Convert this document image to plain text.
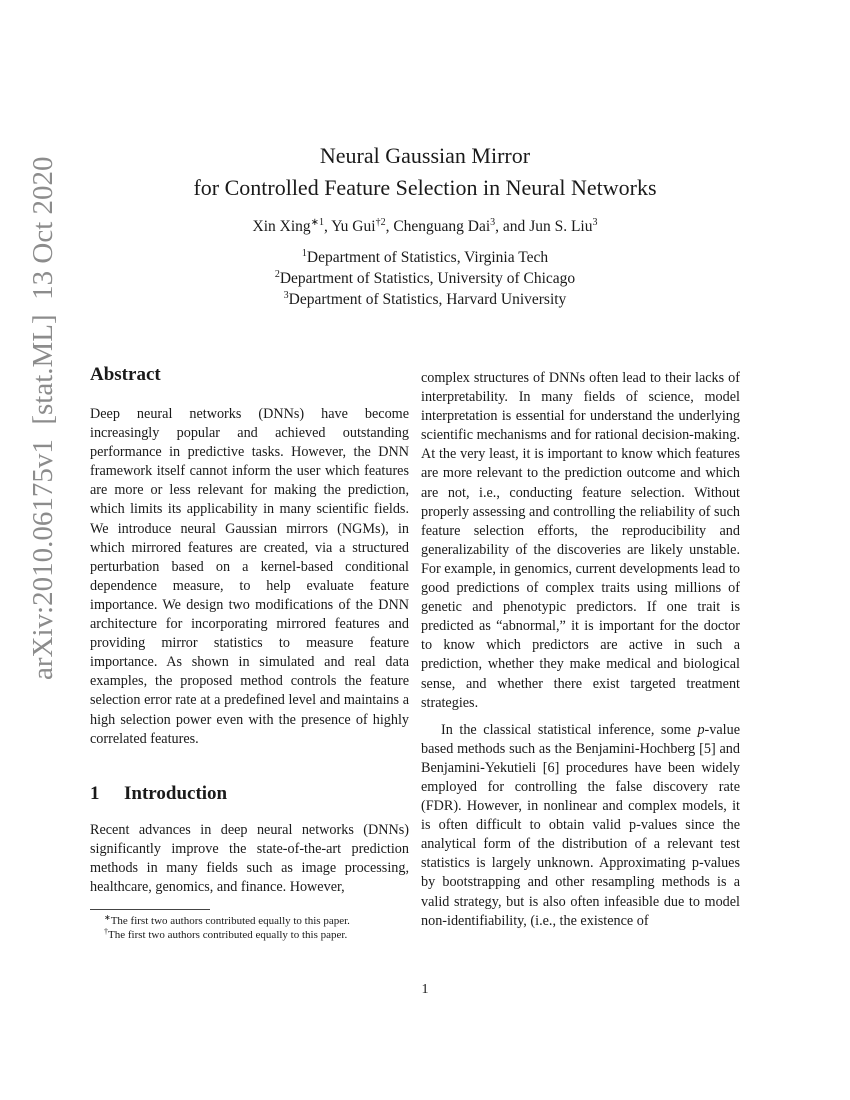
arXiv:2010.06175v1  [stat.ML]  13 Oct 2020
Neural Gaussian Mirror
for Controlled Feature Selection in Neural Networks
Xin Xing$^{∗1}$, Yu Gui$^{\dagger 2}$, Chenguang Dai$^3$, and Jun S. Liu$^3$
$^1$Department of Statistics, Virginia Tech
$^2$Department of Statistics, University of Chicago
$^3$Department of Statistics, Harvard University
Abstract

Deep neural networks (DNNs) have become increasingly popular and achieved outstanding performance in predictive tasks. However, the DNN framework itself cannot inform the user which features are more or less relevant for making the prediction, which limits its applicability in many scientific fields. We introduce neural Gaussian mirrors (NGMs), in which mirrored features are created, via a structured perturbation based on a kernel-based conditional dependence measure, to help evaluate feature importance. We design two modifications of the DNN architecture for incorporating mirrored features and providing mirror statistics to measure feature importance. As shown in simulated and real data examples, the proposed method controls the feature selection error rate at a predefined level and maintains a high selection power even with the presence of highly correlated features.

1 Introduction

Recent advances in deep neural networks (DNNs) significantly improve the state-of-the-art prediction methods in many fields such as image processing, healthcare, genomics, and finance. However,

∗The first two authors contributed equally to this paper.
†The first two authors contributed equally to this paper.

complex structures of DNNs often lead to their lacks of interpretability. In many fields of science, model interpretation is essential for understand the underlying scientific mechanisms and for rational decision-making. At the very least, it is important to know which features are more relevant to the prediction outcome and which are not, i.e., conducting feature selection. Without properly assessing and controlling the reliability of such feature selection efforts, the reproducibility and generalizability of the discoveries are likely unstable. For example, in genomics, current developments lead to good predictions of complex traits using millions of genetic and phenotypic predictors. If one trait is predicted as “abnormal,” it is important for the doctor to know which predictors are active in such a prediction, whether they make medical and biological sense, and whether there exist targeted treatment strategies.

In the classical statistical inference, some p-value based methods such as the Benjamini-Hochberg [5] and Benjamini-Yekutieli [6] procedures have been widely employed for controlling the false discovery rate (FDR). However, in nonlinear and complex models, it is often difficult to obtain valid p-values since the analytical form of the distribution of a relevant test statistics is largely unknown. Approximating p-values by bootstrapping and other resampling methods is a valid strategy, but is also often infeasible due to model non-identifiability, (i.e., the existence of

1
